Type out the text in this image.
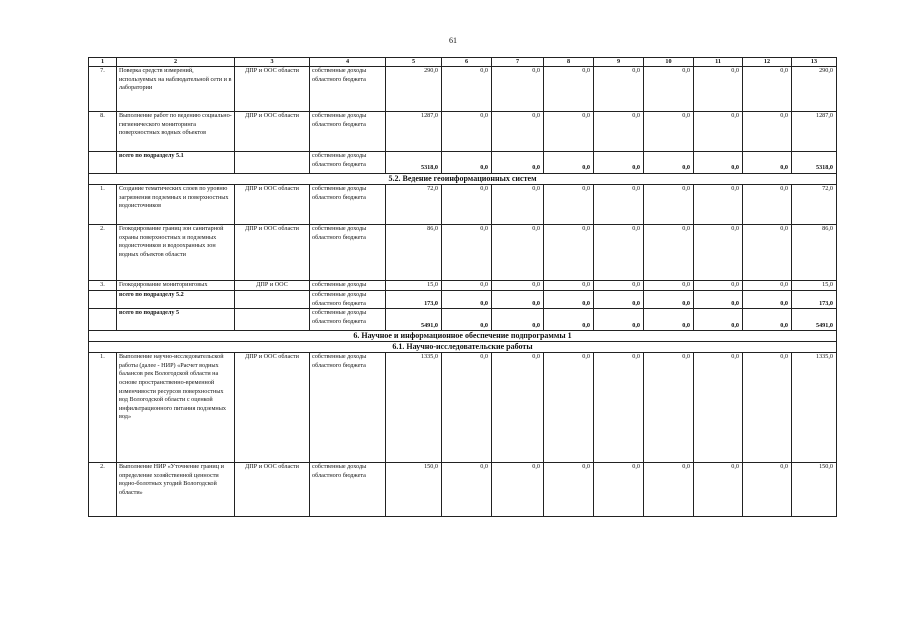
61
1	2	3	4	5	6	7	8	9	10	11	12	13
7.	Поверка средств измерений, используемых на наблюдательной сети и в лаборатории	ДПР и ООС области	собственные доходы областного бюджета	290,0	0,0	0,0	0,0	0,0	0,0	0,0	0,0	290,0
8.	Выполнение работ по ведению социально-гигиенического мониторинга поверхностных водных объектов	ДПР и ООС области	собственные доходы областного бюджета	1287,0	0,0	0,0	0,0	0,0	0,0	0,0	0,0	1287,0
	всего по подразделу 5.1		собственные доходы областного бюджета	5318,0	0,0	0,0	0,0	0,0	0,0	0,0	0,0	5318,0
5.2. Ведение геоинформационных систем												
1.	Создание тематических слоев по уровню загрязнения подземных и поверхностных водоисточников	ДПР и ООС области	собственные доходы областного бюджета	72,0	0,0	0,0	0,0	0,0	0,0	0,0	0,0	72,0
2.	Геокодирование границ зон санитарной охраны поверхностных и подземных водоисточников и водоохранных зон водных объектов области	ДПР и ООС области	собственные доходы областного бюджета	86,0	0,0	0,0	0,0	0,0	0,0	0,0	0,0	86,0
3.	Геокодирование мониторинговых	ДПР и ООС	собственные доходы	15,0	0,0	0,0	0,0	0,0	0,0	0,0	0,0	15,0
	всего по подразделу 5.2		собственные доходы областного бюджета	173,0	0,0	0,0	0,0	0,0	0,0	0,0	0,0	173,0
	всего по подразделу 5		собственные доходы областного бюджета	5491,0	0,0	0,0	0,0	0,0	0,0	0,0	0,0	5491,0
6. Научное и информационное обеспечение подпрограммы 1												
6.1. Научно-исследовательские работы												
1.	Выполнение научно-исследовательской работы (далее - НИР) «Расчет водных балансов рек Вологодской области на основе пространственно-временной изменчивости ресурсов поверхностных вод Вологодской области с оценкой инфильтрационного питания подземных вод»	ДПР и ООС области	собственные доходы областного бюджета	1335,0	0,0	0,0	0,0	0,0	0,0	0,0	0,0	1335,0
2.	Выполнение НИР «Уточнение границ и определение хозяйственной ценности водно-болотных угодий Вологодской области»	ДПР и ООС области	собственные доходы областного бюджета	150,0	0,0	0,0	0,0	0,0	0,0	0,0	0,0	150,0
